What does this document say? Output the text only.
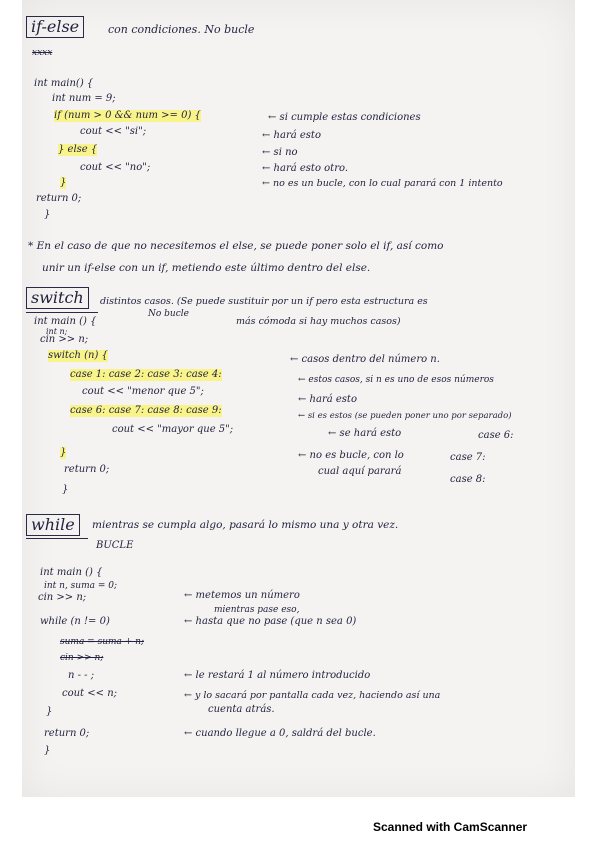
if-else	con condiciones. No bucle
xxxx
int main() {
int num = 9;
if (num > 0 && num >= 0) {
cout << "si";
} else {
cout << "no";
}
return 0;
}
← si cumple estas condiciones
← hará esto
← si no
← hará esto otro.
← no es un bucle, con lo cual parará con 1 intento
* En el caso de que no necesitemos el else, se puede poner solo el if, así como
unir un if-else con un if, metiendo este último dentro del else.
switch	distintos casos. (Se puede sustituir por un if pero esta estructura es
más cómoda si hay muchos casos)
No bucle
int main () {
int n;
cin >> n;
switch (n) {
case 1: case 2: case 3: case 4:
cout << "menor que 5";
case 6: case 7: case 8: case 9:
cout << "mayor que 5";
}
return 0;
}
← casos dentro del número n.
← estos casos, si n es uno de esos números
← hará esto
← si es estos (se pueden poner uno por separado)
← se hará esto
← no es bucle, con lo
cual aquí parará
case 6:
case 7:
case 8:
while	mientras se cumpla algo, pasará lo mismo una y otra vez.
BUCLE
int main () {
int n, suma = 0;
cin >> n;
while (n != 0)
suma = suma + n;
cin >> n;
n - - ;
cout << n;
}
return 0;
}
← metemos un número
mientras pase eso,
← hasta que no pase (que n sea 0)
← le restará 1 al número introducido
← y lo sacará por pantalla cada vez, haciendo así una
cuenta atrás.
← cuando llegue a 0, saldrá del bucle.
Scanned with CamScanner
